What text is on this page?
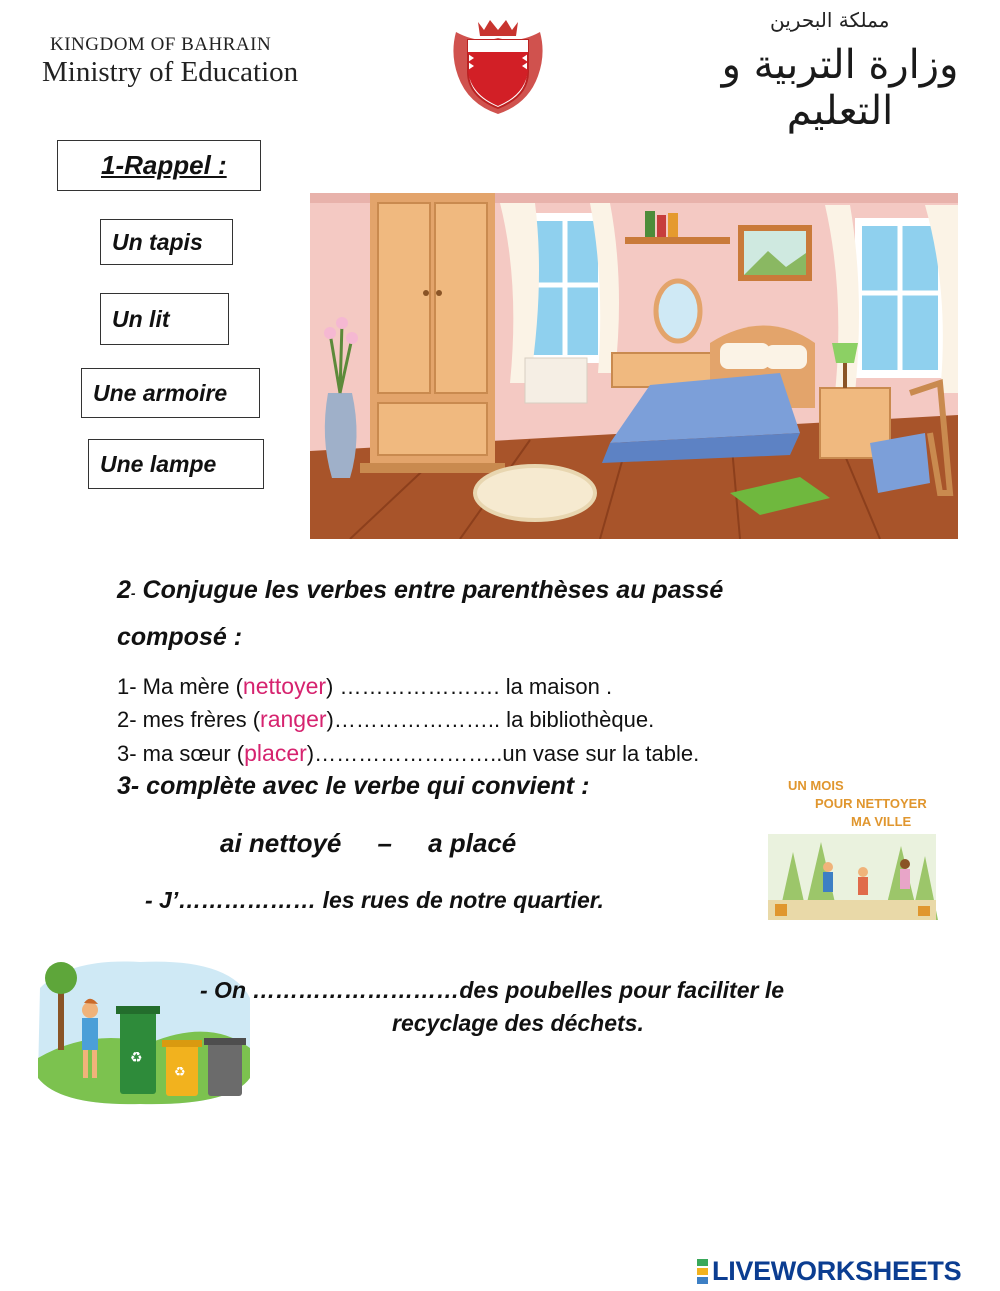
KINGDOM OF BAHRAIN
Ministry of Education
مملكة البحرين
وزارة التربية و التعليم
1-Rappel :
Un tapis
Un lit
Une armoire
Une lampe
2- Conjugue les verbes entre parenthèses au passé composé :
1- Ma mère (nettoyer) …………………. la maison .
2- mes frères (ranger)………………….. la bibliothèque.
3- ma sœur (placer)……………………..un vase sur la table.
3- complète avec le verbe qui convient :
ai nettoyé     –     a placé
- J’……………… les rues de notre quartier.
UN MOIS
POUR NETTOYER
MA VILLE
♻
♻
- On ………………………des poubelles pour faciliter le
recyclage des déchets.
LIVEWORKSHEETS
